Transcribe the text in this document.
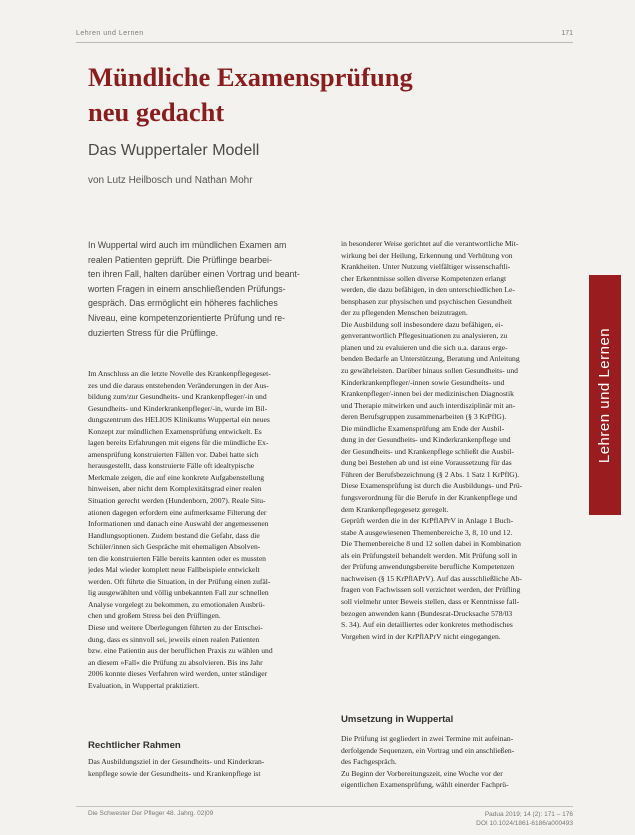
Lehren und Lernen	171
Mündliche Examensprüfung
neu gedacht
Das Wuppertaler Modell
von Lutz Heilbosch und Nathan Mohr
Lehren und Lernen
In Wuppertal wird auch im mündlichen Examen am
realen Patienten geprüft. Die Prüflinge bearbei-
ten ihren Fall, halten darüber einen Vortrag und beant-
worten Fragen in einem anschließenden Prüfungs-
gespräch. Das ermöglicht ein höheres fachliches
Niveau, eine kompetenzorientierte Prüfung und re-
duzierten Stress für die Prüflinge.
Im Anschluss an die letzte Novelle des Krankenpflegegeset-
zes und die daraus entstehenden Veränderungen in der Aus-
bildung zum/zur Gesundheits- und Krankenpfleger/-in und
Gesundheits- und Kinderkrankenpfleger/-in, wurde im Bil-
dungszentrum des HELIOS Klinikums Wuppertal ein neues
Konzept zur mündlichen Examensprüfung entwickelt. Es
lagen bereits Erfahrungen mit eigens für die mündliche Ex-
amensprüfung konstruierten Fällen vor. Dabei hatte sich
herausgestellt, dass konstruierte Fälle oft idealtypische
Merkmale zeigen, die auf eine konkrete Aufgabenstellung
hinweisen, aber nicht dem Komplexitätsgrad einer realen
Situation gerecht werden (Hundenborn, 2007). Reale Situ-
ationen dagegen erfordern eine aufmerksame Filterung der
Informationen und danach eine Auswahl der angemessenen
Handlungsoptionen. Zudem bestand die Gefahr, dass die
Schüler/innen sich Gespräche mit ehemaligen Absolven-
ten die konstruierten Fälle bereits kannten oder es mussten
jedes Mal wieder komplett neue Fallbeispiele entwickelt
werden. Oft führte die Situation, in der Prüfung einen zufäl-
lig ausgewählten und völlig unbekannten Fall zur schnellen
Analyse vorgelegt zu bekommen, zu emotionalen Ausbrü-
chen und großem Stress bei den Prüflingen.
Diese und weitere Überlegungen führten zu der Entschei-
dung, dass es sinnvoll sei, jeweils einen realen Patienten
bzw. eine Patientin aus der beruflichen Praxis zu wählen und
an diesem »Fall« die Prüfung zu absolvieren. Bis ins Jahr
2006 konnte dieses Verfahren wird werden, unter ständiger
Evaluation, in Wuppertal praktiziert.
Rechtlicher Rahmen
Das Ausbildungsziel in der Gesundheits- und Kinderkran-
kenpflege sowie der Gesundheits- und Krankenpflege ist
in besonderer Weise gerichtet auf die verantwortliche Mit-
wirkung bei der Heilung, Erkennung und Verhütung von
Krankheiten. Unter Nutzung vielfältiger wissenschaftli-
cher Erkenntnisse sollen diverse Kompetenzen erlangt
werden, die dazu befähigen, in den unterschiedlichen Le-
bensphasen zur physischen und psychischen Gesundheit
der zu pflegenden Menschen beizutragen.
Die Ausbildung soll insbesondere dazu befähigen, ei-
genverantwortlich Pflegesituationen zu analysieren, zu
planen und zu evaluieren und die sich u.a. daraus erge-
benden Bedarfe an Unterstützung, Beratung und Anleitung
zu gewährleisten. Darüber hinaus sollen Gesundheits- und
Kinderkrankenpfleger/-innen sowie Gesundheits- und
Krankenpfleger/-innen bei der medizinischen Diagnostik
und Therapie mitwirken und auch interdisziplinär mit an-
deren Berufsgruppen zusammenarbeiten (§ 3 KrPflG).
Die mündliche Examensprüfung am Ende der Ausbil-
dung in der Gesundheits- und Kinderkrankenpflege und
der Gesundheits- und Krankenpflege schließt die Ausbil-
dung bei Bestehen ab und ist eine Voraussetzung für das
Führen der Berufsbezeichnung (§ 2 Abs. 1 Satz 1 KrPflG).
Diese Examensprüfung ist durch die Ausbildungs- und Prü-
fungsverordnung für die Berufe in der Krankenpflege und
dem Krankenpflegegesetz geregelt.
Geprüft werden die in der KrPflAPrV in Anlage 1 Buch-
stabe A ausgewiesenen Themenbereiche 3, 8, 10 und 12.
Die Themenbereiche 8 und 12 sollen dabei in Kombination
als ein Prüfungsteil behandelt werden. Mit Prüfung soll in
der Prüfung anwendungsbereite berufliche Kompetenzen
nachweisen (§ 15 KrPflAPrV). Auf das ausschließliche Ab-
fragen von Fachwissen soll verzichtet werden, der Prüfling
soll vielmehr unter Beweis stellen, dass er Kenntnisse fall-
bezogen anwenden kann (Bundesrat-Drucksache 578/03
S. 34). Auf ein detailliertes oder konkretes methodisches
Vorgehen wird in der KrPflAPrV nicht eingegangen.
Umsetzung in Wuppertal
Die Prüfung ist gegliedert in zwei Termine mit aufeinan-
derfolgende Sequenzen, ein Vortrag und ein anschließen-
des Fachgespräch.
Zu Beginn der Vorbereitungszeit, eine Woche vor der
eigentlichen Examensprüfung, wählt einerder Fachprü-
Die Schwester Der Pfleger 48. Jahrg. 02|09	Padua 2019; 14 (2): 171 – 176
DOI 10.1024/1861-6186/a000493
